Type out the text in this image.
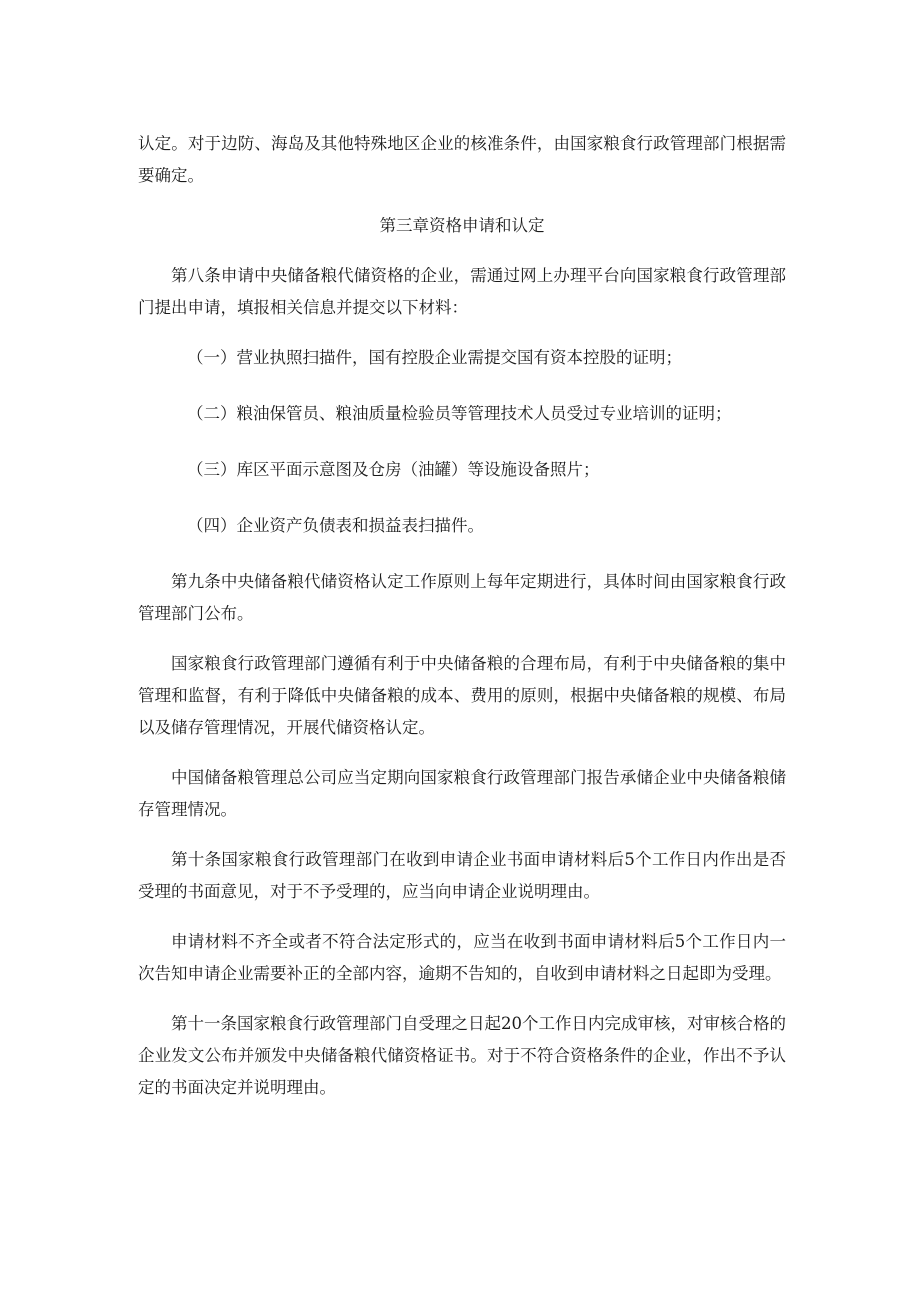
认定。对于边防、海岛及其他特殊地区企业的核准条件，由国家粮食行政管理部门根据需要确定。

第三章资格申请和认定

第八条申请中央储备粮代储资格的企业，需通过网上办理平台向国家粮食行政管理部门提出申请，填报相关信息并提交以下材料：

（一）营业执照扫描件，国有控股企业需提交国有资本控股的证明；
（二）粮油保管员、粮油质量检验员等管理技术人员受过专业培训的证明；
（三）库区平面示意图及仓房（油罐）等设施设备照片；
（四）企业资产负债表和损益表扫描件。

第九条中央储备粮代储资格认定工作原则上每年定期进行，具体时间由国家粮食行政管理部门公布。

国家粮食行政管理部门遵循有利于中央储备粮的合理布局，有利于中央储备粮的集中管理和监督，有利于降低中央储备粮的成本、费用的原则，根据中央储备粮的规模、布局以及储存管理情况，开展代储资格认定。

中国储备粮管理总公司应当定期向国家粮食行政管理部门报告承储企业中央储备粮储存管理情况。

第十条国家粮食行政管理部门在收到申请企业书面申请材料后5个工作日内作出是否受理的书面意见，对于不予受理的，应当向申请企业说明理由。

申请材料不齐全或者不符合法定形式的，应当在收到书面申请材料后5个工作日内一次告知申请企业需要补正的全部内容，逾期不告知的，自收到申请材料之日起即为受理。

第十一条国家粮食行政管理部门自受理之日起20个工作日内完成审核，对审核合格的企业发文公布并颁发中央储备粮代储资格证书。对于不符合资格条件的企业，作出不予认定的书面决定并说明理由。
